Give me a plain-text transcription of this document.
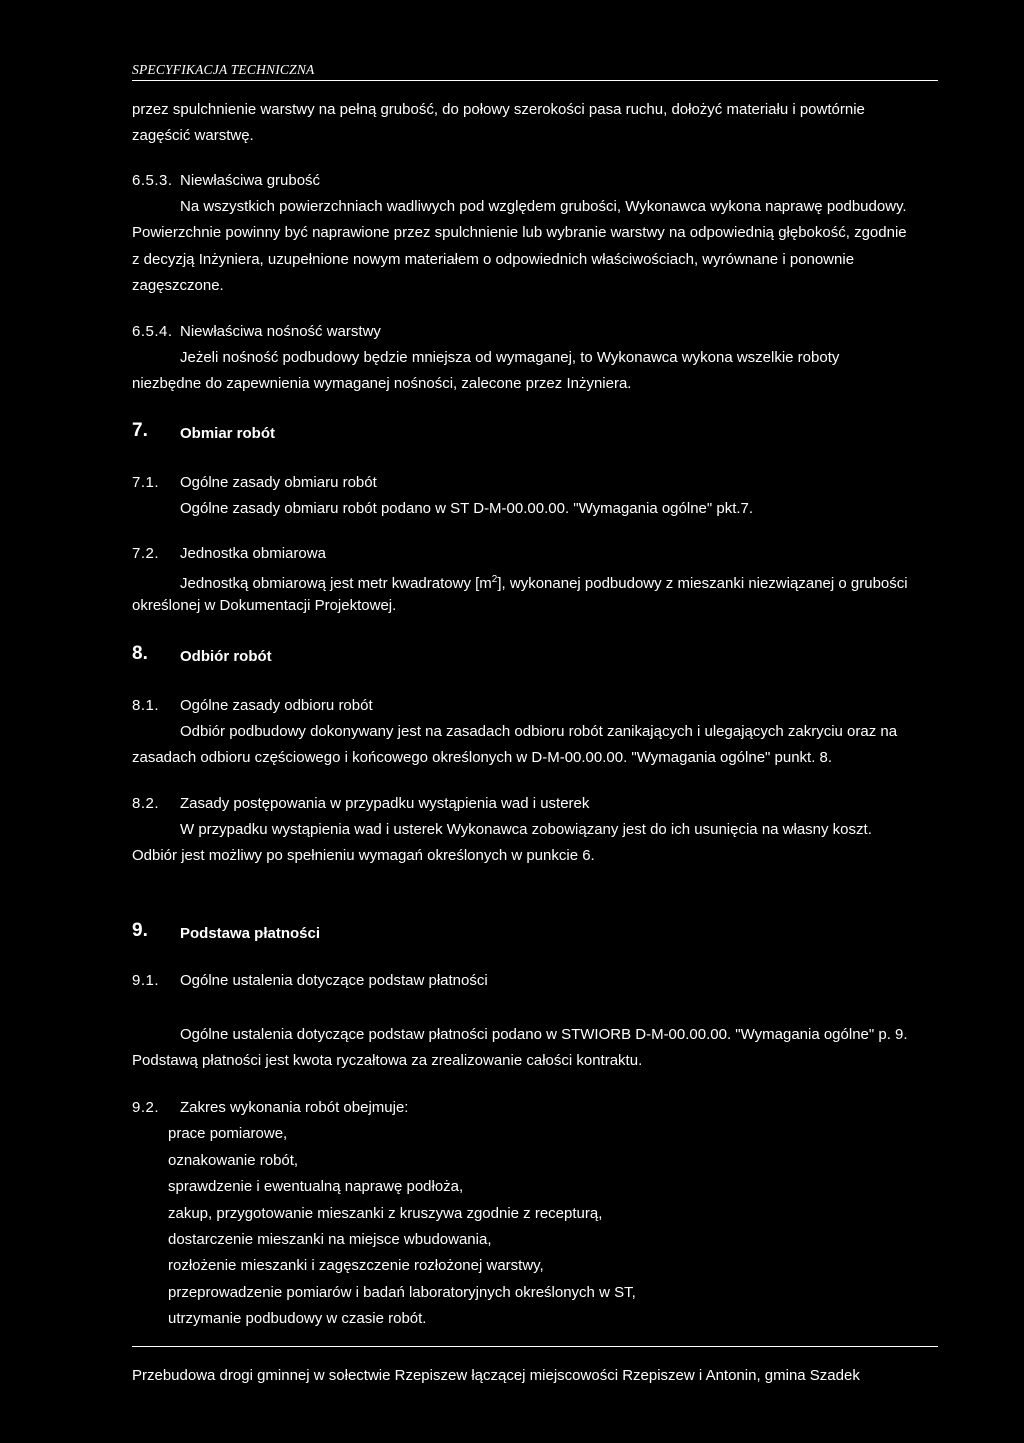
SPECYFIKACJA TECHNICZNA
przez spulchnienie warstwy na pełną grubość, do połowy szerokości pasa ruchu, dołożyć materiału i powtórnie
zagęścić warstwę.
6.5.3. Niewłaściwa grubość
Na wszystkich powierzchniach wadliwych pod względem grubości, Wykonawca wykona naprawę podbudowy.
Powierzchnie powinny być naprawione przez spulchnienie lub wybranie warstwy na odpowiednią głębokość, zgodnie
z decyzją Inżyniera, uzupełnione nowym materiałem o odpowiednich właściwościach, wyrównane i ponownie
zagęszczone.
6.5.4. Niewłaściwa nośność warstwy
Jeżeli nośność podbudowy będzie mniejsza od wymaganej, to Wykonawca wykona wszelkie roboty
niezbędne do zapewnienia wymaganej nośności, zalecone przez Inżyniera.
7. Obmiar robót
7.1. Ogólne zasady obmiaru robót
Ogólne zasady obmiaru robót podano w ST D-M-00.00.00. "Wymagania ogólne" pkt.7.
7.2. Jednostka obmiarowa
Jednostką obmiarową jest metr kwadratowy $[m^2]$, wykonanej podbudowy z mieszanki niezwiązanej o grubości
określonej w Dokumentacji Projektowej.
8. Odbiór robót
8.1. Ogólne zasady odbioru robót
Odbiór podbudowy dokonywany jest na zasadach odbioru robót zanikających i ulegających zakryciu oraz na
zasadach odbioru częściowego i końcowego określonych w D-M-00.00.00. "Wymagania ogólne" punkt. 8.
8.2. Zasady postępowania w przypadku wystąpienia wad i usterek
W przypadku wystąpienia wad i usterek Wykonawca zobowiązany jest do ich usunięcia na własny koszt.
Odbiór jest możliwy po spełnieniu wymagań określonych w punkcie 6.
9. Podstawa płatności
9.1. Ogólne ustalenia dotyczące podstaw płatności
Ogólne ustalenia dotyczące podstaw płatności podano w STWIORB D-M-00.00.00. "Wymagania ogólne" p. 9.
Podstawą płatności jest kwota ryczałtowa za zrealizowanie całości kontraktu.
9.2. Zakres wykonania robót obejmuje:
prace pomiarowe,
oznakowanie robót,
sprawdzenie i ewentualną naprawę podłoża,
zakup, przygotowanie mieszanki z kruszywa zgodnie z recepturą,
dostarczenie mieszanki na miejsce wbudowania,
rozłożenie mieszanki i zagęszczenie rozłożonej warstwy,
przeprowadzenie pomiarów i badań laboratoryjnych określonych w ST,
utrzymanie podbudowy w czasie robót.
Przebudowa drogi gminnej w sołectwie Rzepiszew łączącej miejscowości Rzepiszew i Antonin, gmina Szadek
